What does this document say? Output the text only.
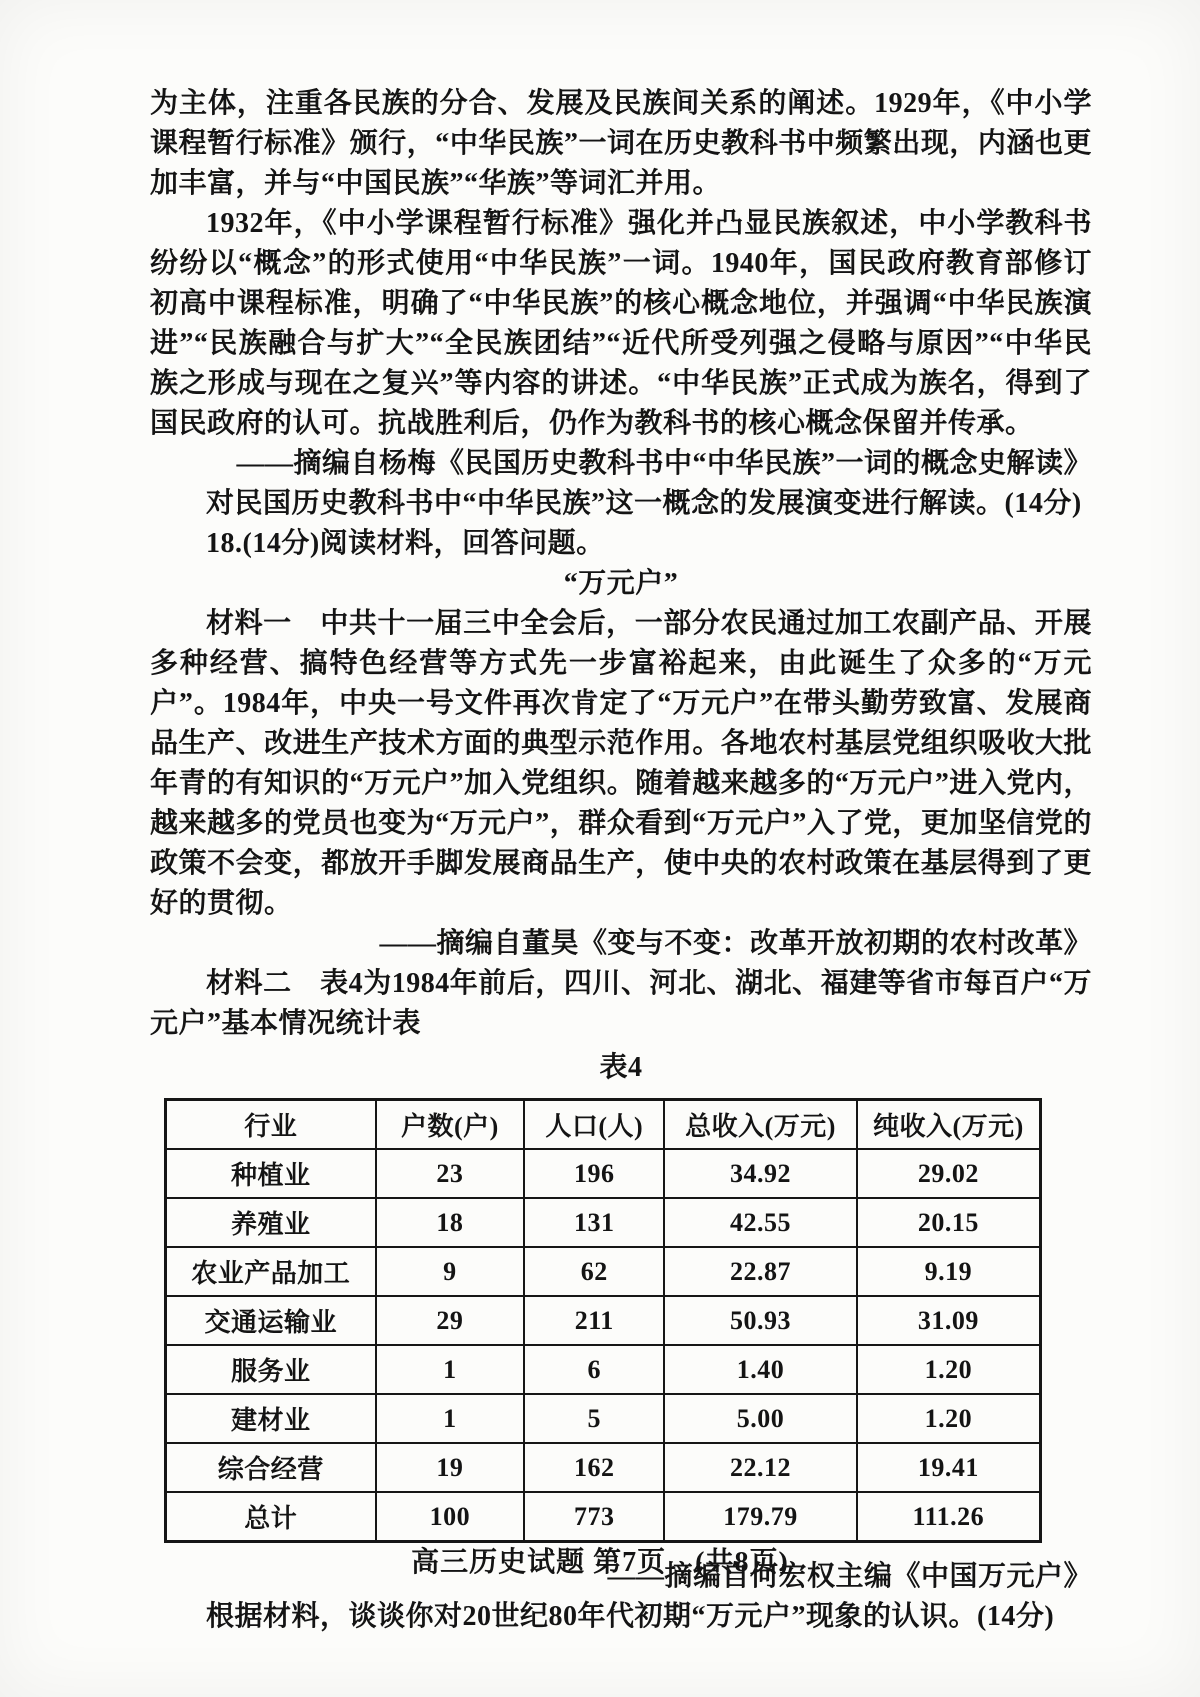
为主体，注重各民族的分合、发展及民族间关系的阐述。1929年，《中小学课程暂行标准》颁行，“中华民族”一词在历史教科书中频繁出现，内涵也更加丰富，并与“中国民族”“华族”等词汇并用。

1932年，《中小学课程暂行标准》强化并凸显民族叙述，中小学教科书纷纷以“概念”的形式使用“中华民族”一词。1940年，国民政府教育部修订初高中课程标准，明确了“中华民族”的核心概念地位，并强调“中华民族演进”“民族融合与扩大”“全民族团结”“近代所受列强之侵略与原因”“中华民族之形成与现在之复兴”等内容的讲述。“中华民族”正式成为族名，得到了国民政府的认可。抗战胜利后，仍作为教科书的核心概念保留并传承。

——摘编自杨梅《民国历史教科书中“中华民族”一词的概念史解读》

对民国历史教科书中“中华民族”这一概念的发展演变进行解读。(14分)

18.(14分)阅读材料，回答问题。

“万元户”

材料一　中共十一届三中全会后，一部分农民通过加工农副产品、开展多种经营、搞特色经营等方式先一步富裕起来，由此诞生了众多的“万元户”。1984年，中央一号文件再次肯定了“万元户”在带头勤劳致富、发展商品生产、改进生产技术方面的典型示范作用。各地农村基层党组织吸收大批年青的有知识的“万元户”加入党组织。随着越来越多的“万元户”进入党内，越来越多的党员也变为“万元户”，群众看到“万元户”入了党，更加坚信党的政策不会变，都放开手脚发展商品生产，使中央的农村政策在基层得到了更好的贯彻。

——摘编自董昊《变与不变：改革开放初期的农村改革》

材料二　表4为1984年前后，四川、河北、湖北、福建等省市每百户“万元户”基本情况统计表

表4

行业	户数(户)	人口(人)	总收入(万元)	纯收入(万元)
种植业	23	196	34.92	29.02
养殖业	18	131	42.55	20.15
农业产品加工	9	62	22.87	9.19
交通运输业	29	211	50.93	31.09
服务业	1	6	1.40	1.20
建材业	1	5	5.00	1.20
综合经营	19	162	22.12	19.41
总计	100	773	179.79	111.26

——摘编自何宏权主编《中国万元户》

根据材料，谈谈你对20世纪80年代初期“万元户”现象的认识。(14分)

高三历史试题 第7页　(共8页)
